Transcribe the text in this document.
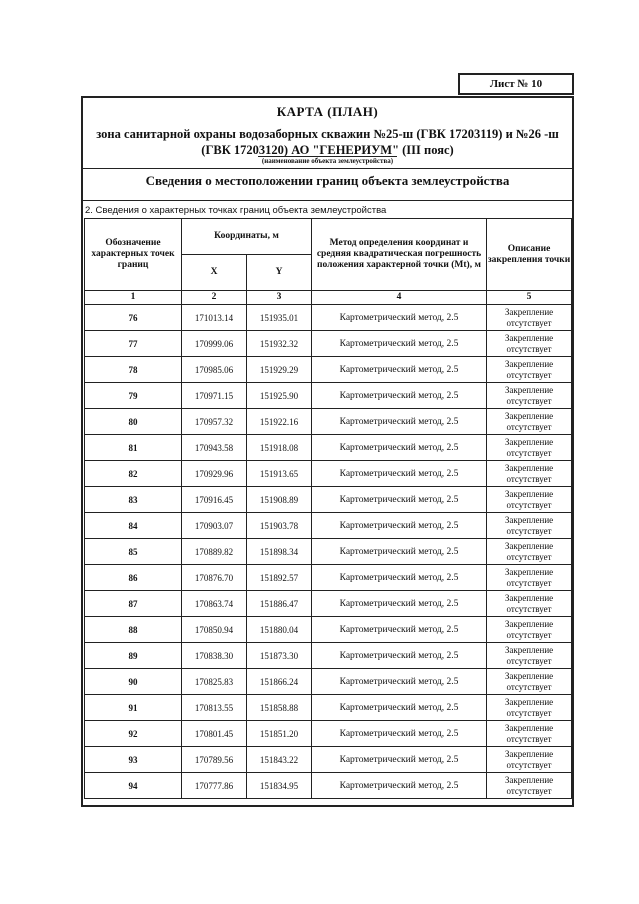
Лист № 10
КАРТА (ПЛАН)
зона санитарной охраны водозаборных скважин №25-ш (ГВК 17203119) и №26 -ш (ГВК 17203120) АО "ГЕНЕРИУМ" (III пояс)
(наименование объекта землеустройства)
Сведения о местоположении границ объекта землеустройства
2. Сведения о характерных точках границ объекта землеустройства
Обозначение характерных точек границ	Координаты, м		Метод определения координат и средняя квадратическая погрешность положения характерной точки (Mt), м	Описание закрепления точки
	X	Y		
1	2	3	4	5
76	171013.14	151935.01	Картометрический метод, 2.5	Закрепление отсутствует
77	170999.06	151932.32	Картометрический метод, 2.5	Закрепление отсутствует
78	170985.06	151929.29	Картометрический метод, 2.5	Закрепление отсутствует
79	170971.15	151925.90	Картометрический метод, 2.5	Закрепление отсутствует
80	170957.32	151922.16	Картометрический метод, 2.5	Закрепление отсутствует
81	170943.58	151918.08	Картометрический метод, 2.5	Закрепление отсутствует
82	170929.96	151913.65	Картометрический метод, 2.5	Закрепление отсутствует
83	170916.45	151908.89	Картометрический метод, 2.5	Закрепление отсутствует
84	170903.07	151903.78	Картометрический метод, 2.5	Закрепление отсутствует
85	170889.82	151898.34	Картометрический метод, 2.5	Закрепление отсутствует
86	170876.70	151892.57	Картометрический метод, 2.5	Закрепление отсутствует
87	170863.74	151886.47	Картометрический метод, 2.5	Закрепление отсутствует
88	170850.94	151880.04	Картометрический метод, 2.5	Закрепление отсутствует
89	170838.30	151873.30	Картометрический метод, 2.5	Закрепление отсутствует
90	170825.83	151866.24	Картометрический метод, 2.5	Закрепление отсутствует
91	170813.55	151858.88	Картометрический метод, 2.5	Закрепление отсутствует
92	170801.45	151851.20	Картометрический метод, 2.5	Закрепление отсутствует
93	170789.56	151843.22	Картометрический метод, 2.5	Закрепление отсутствует
94	170777.86	151834.95	Картометрический метод, 2.5	Закрепление отсутствует
